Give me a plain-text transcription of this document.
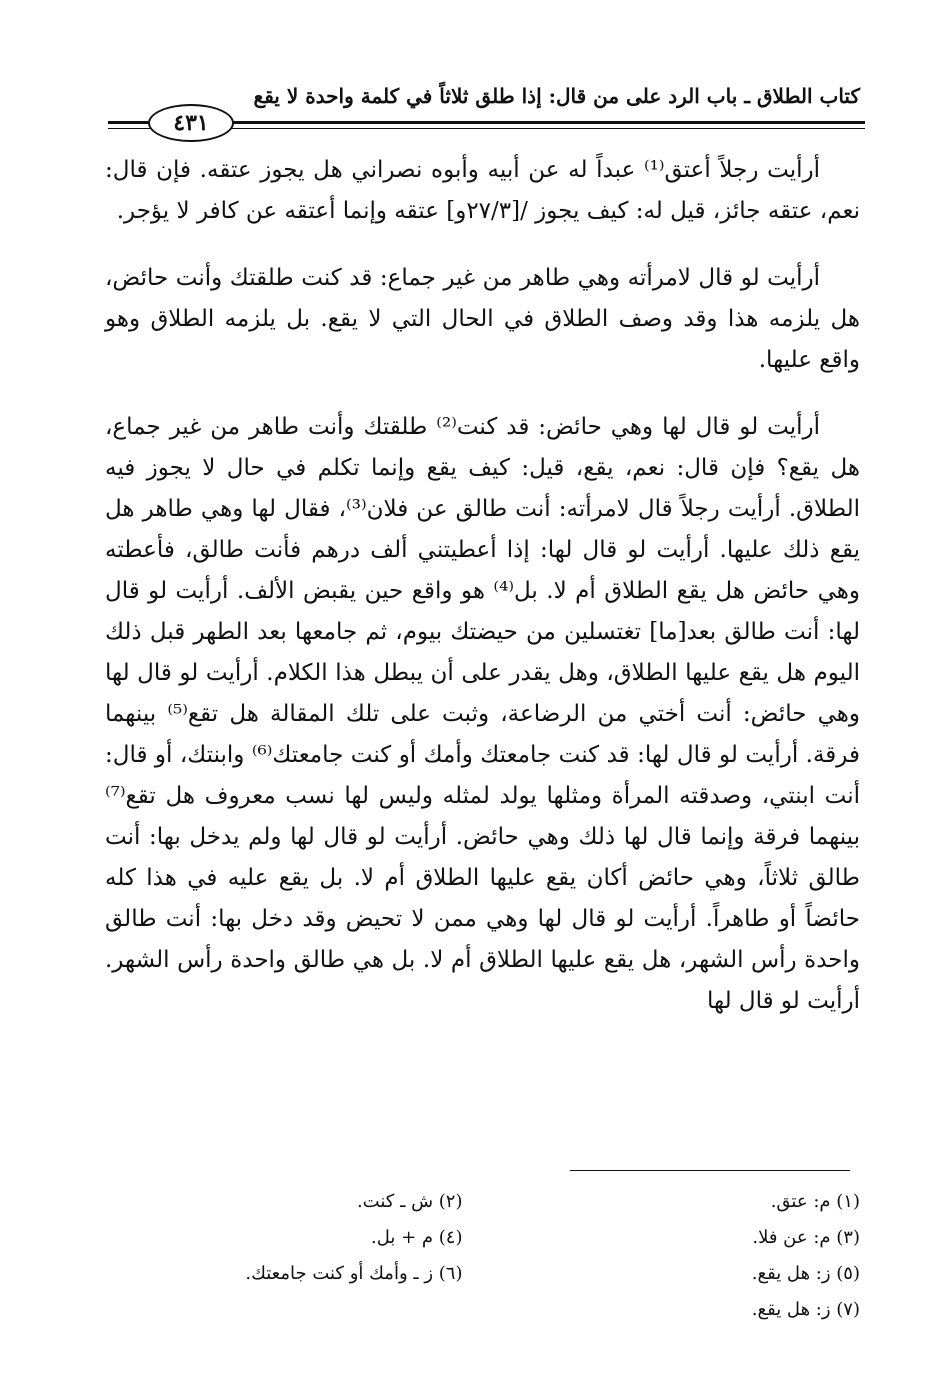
كتاب الطلاق ـ باب الرد على من قال: إذا طلق ثلاثاً في كلمة واحدة لا يقع
٤٣١

أرأيت رجلاً أعتق⁽¹⁾ عبداً له عن أبيه وأبوه نصراني هل يجوز عتقه. فإن قال: نعم، عتقه جائز، قيل له: كيف يجوز /[٢٧/٣و] عتقه وإنما أعتقه عن كافر لا يؤجر.

أرأيت لو قال لامرأته وهي طاهر من غير جماع: قد كنت طلقتك وأنت حائض، هل يلزمه هذا وقد وصف الطلاق في الحال التي لا يقع. بل يلزمه الطلاق وهو واقع عليها.

أرأيت لو قال لها وهي حائض: قد كنت⁽²⁾ طلقتك وأنت طاهر من غير جماع، هل يقع؟ فإن قال: نعم، يقع، قيل: كيف يقع وإنما تكلم في حال لا يجوز فيه الطلاق. أرأيت رجلاً قال لامرأته: أنت طالق عن فلان⁽³⁾، فقال لها وهي طاهر هل يقع ذلك عليها. أرأيت لو قال لها: إذا أعطيتني ألف درهم فأنت طالق، فأعطته وهي حائض هل يقع الطلاق أم لا. بل⁽⁴⁾ هو واقع حين يقبض الألف. أرأيت لو قال لها: أنت طالق بعد[ما] تغتسلين من حيضتك بيوم، ثم جامعها بعد الطهر قبل ذلك اليوم هل يقع عليها الطلاق، وهل يقدر على أن يبطل هذا الكلام. أرأيت لو قال لها وهي حائض: أنت أختي من الرضاعة، وثبت على تلك المقالة هل تقع⁽⁵⁾ بينهما فرقة. أرأيت لو قال لها: قد كنت جامعتك وأمك أو كنت جامعتك⁽⁶⁾ وابنتك، أو قال: أنت ابنتي، وصدقته المرأة ومثلها يولد لمثله وليس لها نسب معروف هل تقع⁽⁷⁾ بينهما فرقة وإنما قال لها ذلك وهي حائض. أرأيت لو قال لها ولم يدخل بها: أنت طالق ثلاثاً، وهي حائض أكان يقع عليها الطلاق أم لا. بل يقع عليه في هذا كله حائضاً أو طاهراً. أرأيت لو قال لها وهي ممن لا تحيض وقد دخل بها: أنت طالق واحدة رأس الشهر، هل يقع عليها الطلاق أم لا. بل هي طالق واحدة رأس الشهر. أرأيت لو قال لها

(١) م: عتق.
(٢) ش ـ كنت.
(٣) م: عن فلا.
(٤) م + بل.
(٥) ز: هل يقع.
(٦) ز ـ وأمك أو كنت جامعتك.
(٧) ز: هل يقع.
